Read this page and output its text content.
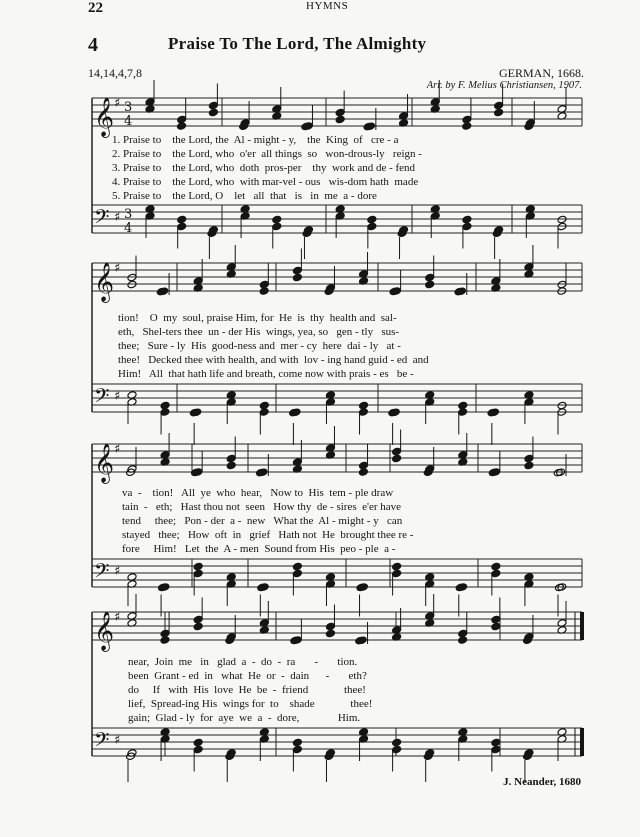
22	HYMNS
4	Praise To The Lord, The Almighty
14,14,4,7,8	GERMAN, 1668.
Arr. by F. Melius Christiansen, 1907.
J. Neander, 1680
𝄞 ♯ 3
4
𝄢 ♯ 3
4
𝄞 ♯
𝄢 ♯
𝄞 ♯
𝄢 ♯
𝄞 ♯
𝄢 ♯
1. Praise to    the Lord, the  Al - might - y,    the  King  of   cre - a
2. Praise to    the Lord, who  o'er  all things  so   won-drous-ly   reign -
3. Praise to    the Lord, who  doth  pros-per    thy  work and de - fend
4. Praise to    the Lord, who  with mar-vel - ous   wis-dom hath  made
5. Praise to    the Lord, O    let   all  that   is   in  me  a - dore
tion!    O  my  soul, praise Him, for  He  is  thy  health and  sal-
eth,   Shel-ters thee  un - der His  wings, yea, so   gen - tly   sus-
thee;   Sure - ly  His  good-ness and  mer - cy  here  dai - ly   at -
thee!   Decked thee with health, and with  lov - ing hand guid - ed  and
Him!   All  that hath life and breath, come now with prais - es   be -
va  -    tion!   All  ye  who  hear,   Now to  His  tem - ple draw
tain  -   eth;   Hast thou not  seen   How thy  de - sires  e'er have
tend     thee;   Pon - der  a -  new   What the  Al - might - y   can
stayed   thee;   How  oft  in   grief   Hath not  He  brought thee re -
fore     Him!   Let  the  A - men  Sound from His  peo - ple  a -
near,  Join  me   in   glad  a  -  do  -  ra       -       tion.
been  Grant - ed  in   what  He  or  -  dain      -       eth?
do     If   with  His  love  He  be  -  friend             thee!
lief,  Spread-ing His  wings for  to    shade             thee!
gain;  Glad - ly  for  aye  we  a  -  dore,              Him.
